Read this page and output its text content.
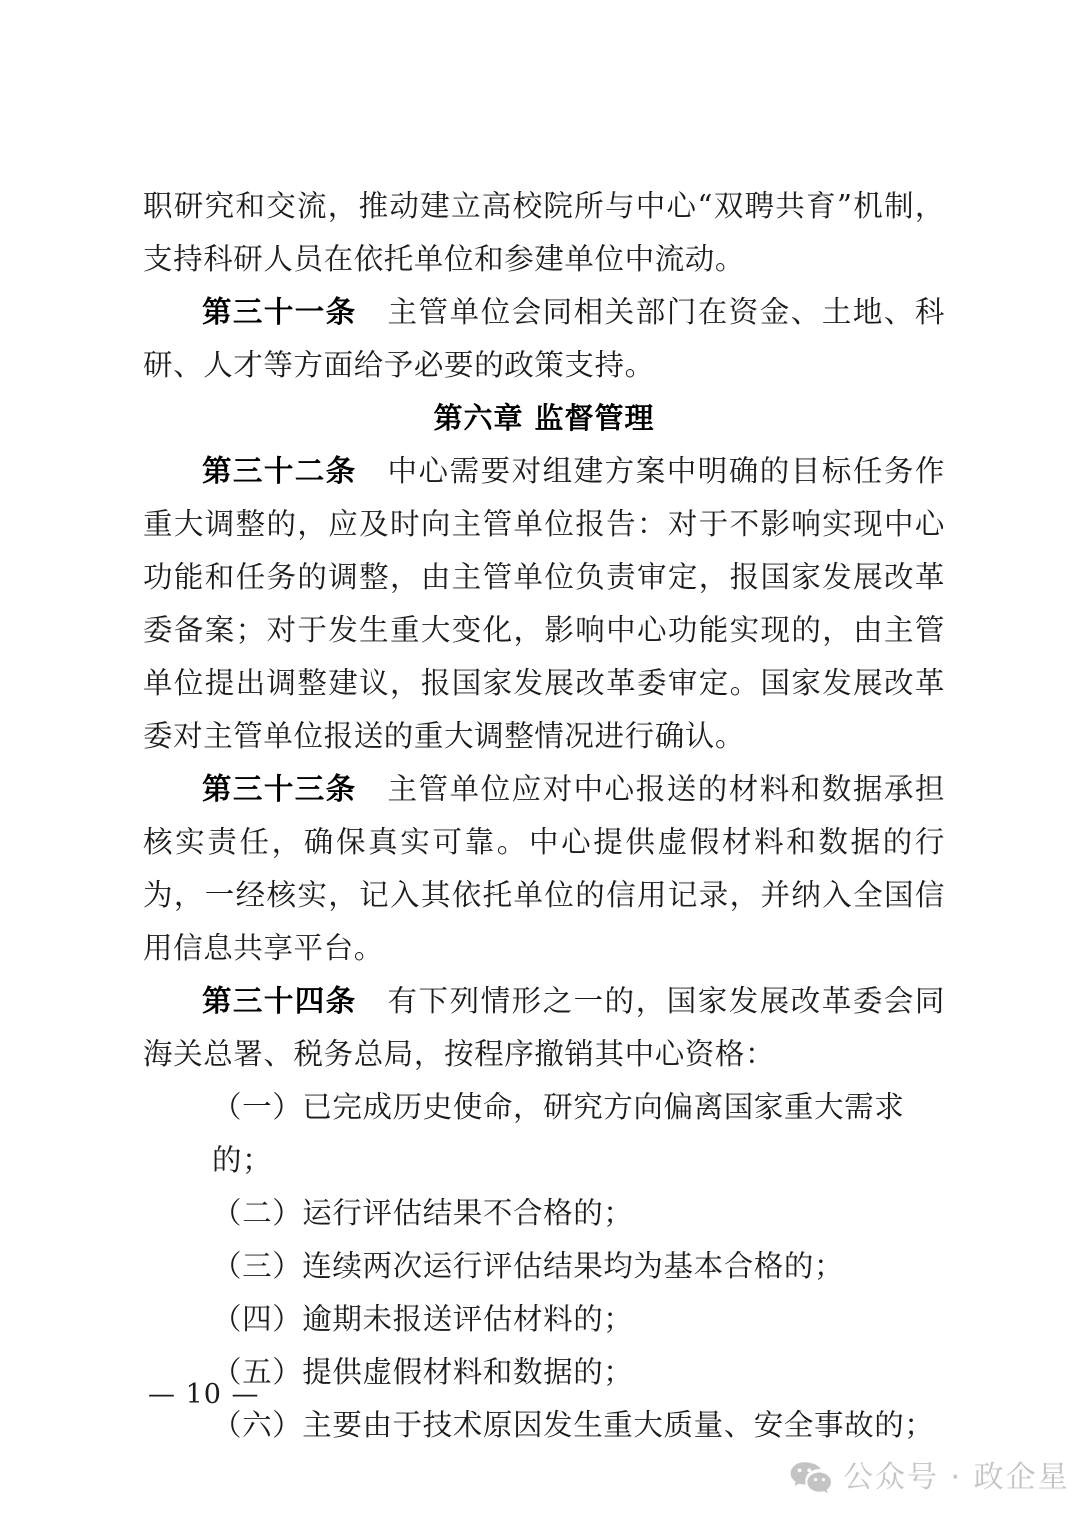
职研究和交流，推动建立高校院所与中心“双聘共育”机制，支持科研人员在依托单位和参建单位中流动。

第三十一条 主管单位会同相关部门在资金、土地、科研、人才等方面给予必要的政策支持。

第六章 监督管理

第三十二条 中心需要对组建方案中明确的目标任务作重大调整的，应及时向主管单位报告：对于不影响实现中心功能和任务的调整，由主管单位负责审定，报国家发展改革委备案；对于发生重大变化，影响中心功能实现的，由主管单位提出调整建议，报国家发展改革委审定。国家发展改革委对主管单位报送的重大调整情况进行确认。

第三十三条 主管单位应对中心报送的材料和数据承担核实责任，确保真实可靠。中心提供虚假材料和数据的行为，一经核实，记入其依托单位的信用记录，并纳入全国信用信息共享平台。

第三十四条 有下列情形之一的，国家发展改革委会同海关总署、税务总局，按程序撤销其中心资格：

（一）已完成历史使命，研究方向偏离国家重大需求的；

（二）运行评估结果不合格的；

（三）连续两次运行评估结果均为基本合格的；

（四）逾期未报送评估材料的；

（五）提供虚假材料和数据的；

（六）主要由于技术原因发生重大质量、安全事故的；

— 10 —
公众号 · 政企星
